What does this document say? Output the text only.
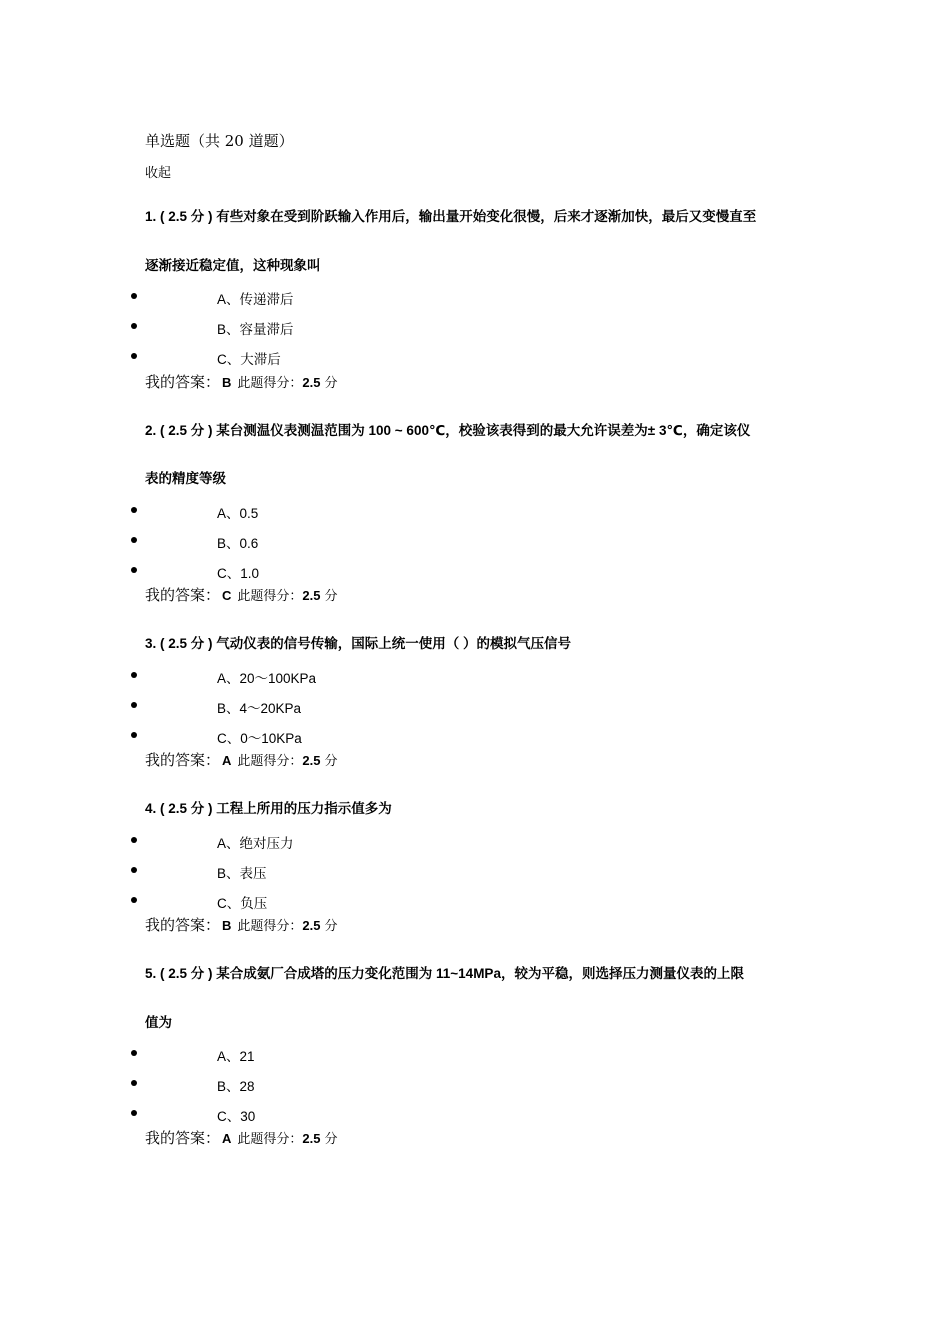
单选题（共 20 道题）
收起
1. ( 2.5 分 ) 有些对象在受到阶跃输入作用后，输出量开始变化很慢，后来才逐渐加快，最后又变慢直至
逐渐接近稳定值，这种现象叫
A、传递滞后
B、容量滞后
C、大滞后
我的答案： B 此题得分：2.5 分
2. ( 2.5 分 ) 某台测温仪表测温范围为 100 ~ 600℃，校验该表得到的最大允许误差为± 3℃，确定该仪
表的精度等级
A、0.5
B、0.6
C、1.0
我的答案： C 此题得分：2.5 分
3. ( 2.5 分 ) 气动仪表的信号传输，国际上统一使用（ ）的模拟气压信号
A、20～100KPa
B、4～20KPa
C、0～10KPa
我的答案： A 此题得分：2.5 分
4. ( 2.5 分 ) 工程上所用的压力指示值多为
A、绝对压力
B、表压
C、负压
我的答案： B 此题得分：2.5 分
5. ( 2.5 分 ) 某合成氨厂合成塔的压力变化范围为 11~14MPa，较为平稳，则选择压力测量仪表的上限
值为
A、21
B、28
C、30
我的答案： A 此题得分：2.5 分
